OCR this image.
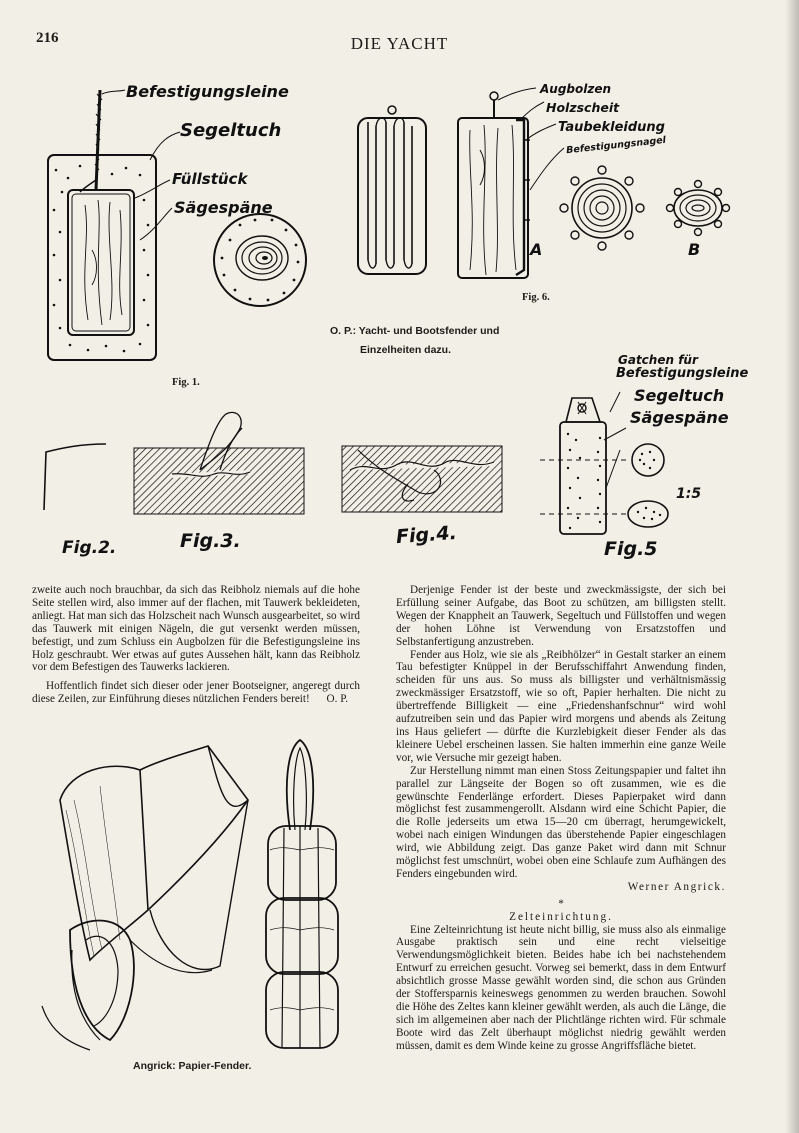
216	DIE YACHT
Befestigungsleine
Segeltuch
Füllstück
Sägespäne
Fig. 1.
Augbolzen
Holzscheit
Taubekleidung
Befestigungsnagel
A	B
Fig. 6.
O. P.: Yacht- und Bootsfender und
Einzelheiten dazu.
Fig.2.	Fig.3.	Fig.4.
Gatchen für
Befestigungsleine
Segeltuch
Sägespäne
1:5
Fig.5

zweite auch noch brauchbar, da sich das Reibholz niemals auf die hohe Seite stellen wird, also immer auf der flachen, mit Tauwerk bekleideten, anliegt. Hat man sich das Holzscheit nach Wunsch ausgearbeitet, so wird das Tauwerk mit einigen Nägeln, die gut versenkt werden müssen, befestigt, und zum Schluss ein Augbolzen für die Befestigungsleine ins Holz geschraubt. Wer etwas auf gutes Aussehen hält, kann das Reibholz vor dem Befestigen des Tauwerks lackieren.

Hoffentlich findet sich dieser oder jener Bootseigner, angeregt durch diese Zeilen, zur Einführung dieses nützlichen Fenders bereit!	O. P.

Derjenige Fender ist der beste und zweckmässigste, der sich bei Erfüllung seiner Aufgabe, das Boot zu schützen, am billigsten stellt. Wegen der Knappheit an Tauwerk, Segeltuch und Füllstoffen und wegen der hohen Löhne ist Verwendung von Ersatzstoffen und Selbstanfertigung anzustreben.

Fender aus Holz, wie sie als „Reibhölzer“ in Gestalt starker an einem Tau befestigter Knüppel in der Berufsschiffahrt Anwendung finden, scheiden für uns aus. So muss als billigster und verhältnismässig zweckmässiger Ersatzstoff, wie so oft, Papier herhalten. Die nicht zu übertreffende Billigkeit — eine „Friedenshanfschnur“ wird wohl aufzutreiben sein und das Papier wird morgens und abends als Zeitung ins Haus geliefert — dürfte die Kurzlebigkeit dieser Fender als das kleinere Uebel erscheinen lassen. Sie halten immerhin eine ganze Weile vor, wie Versuche mir gezeigt haben.

Zur Herstellung nimmt man einen Stoss Zeitungspapier und faltet ihn parallel zur Längseite der Bogen so oft zusammen, wie es die gewünschte Fenderlänge erfordert. Dieses Papierpaket wird dann möglichst fest zusammengerollt. Alsdann wird eine Schicht Papier, die die Rolle jederseits um etwa 15—20 cm überragt, herumgewickelt, wobei nach einigen Windungen das überstehende Papier eingeschlagen wird, wie Abbildung zeigt. Das ganze Paket wird dann mit Schnur möglichst fest umschnürt, wobei oben eine Schlaufe zum Aufhängen des Fenders eingebunden wird.

Werner Angrick.

*

Zelteinrichtung.

Eine Zelteinrichtung ist heute nicht billig, sie muss also als einmalige Ausgabe praktisch sein und eine recht vielseitige Verwendungsmöglichkeit bieten. Beides habe ich bei nachstehendem Entwurf zu erreichen gesucht. Vorweg sei bemerkt, dass in dem Entwurf absichtlich grosse Masse gewählt worden sind, die schon aus Gründen der Stoffersparnis keineswegs genommen zu werden brauchen. Sowohl die Höhe des Zeltes kann kleiner gewählt werden, als auch die Länge, die sich im allgemeinen aber nach der Plichtlänge richten wird. Für schmale Boote wird das Zelt überhaupt möglichst niedrig gewählt werden müssen, damit es dem Winde keine zu grosse Angriffsfläche bietet.

Angrick: Papier-Fender.
